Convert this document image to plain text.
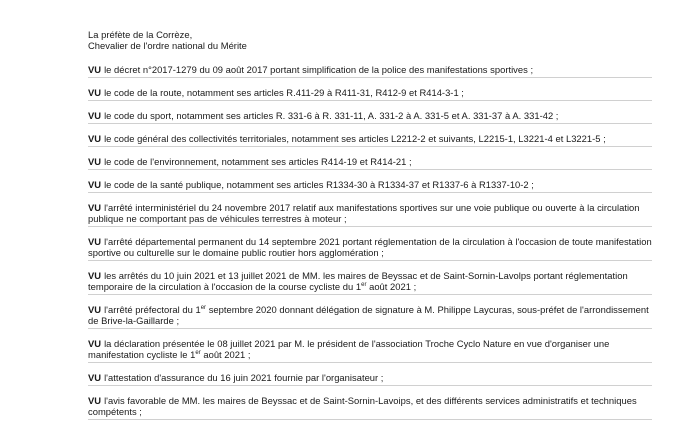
La préfète de la Corrèze,
Chevalier de l'ordre national du Mérite
VU le décret n°2017-1279 du 09 août 2017 portant simplification de la police des manifestations sportives ;
VU le code de la route, notamment ses articles R.411-29 à R411-31, R412-9 et R414-3-1 ;
VU le code du sport, notamment ses articles R. 331-6 à R. 331-11, A. 331-2 à A. 331-5 et A. 331-37 à A. 331-42 ;
VU le code général des collectivités territoriales, notamment ses articles L2212-2 et suivants, L2215-1, L3221-4 et L3221-5 ;
VU le code de l'environnement, notamment ses articles R414-19 et R414-21 ;
VU le code de la santé publique, notamment ses articles R1334-30 à R1334-37 et R1337-6 à R1337-10-2 ;
VU l'arrêté interministériel du 24 novembre 2017 relatif aux manifestations sportives sur une voie publique ou ouverte à la circulation publique ne comportant pas de véhicules terrestres à moteur ;
VU l'arrêté départemental permanent du 14 septembre 2021 portant réglementation de la circulation à l'occasion de toute manifestation sportive ou culturelle sur le domaine public routier hors agglomération ;
VU les arrêtés du 10 juin 2021 et 13 juillet 2021 de MM. les maires de Beyssac et de Saint-Sornin-Lavolps portant réglementation temporaire de la circulation à l'occasion de la course cycliste du 1er août 2021 ;
VU l'arrêté préfectoral du 1er septembre 2020 donnant délégation de signature à M. Philippe Laycuras, sous-préfet de l'arrondissement de Brive-la-Gaillarde ;
VU la déclaration présentée le 08 juillet 2021 par M. le président de l'association Troche Cyclo Nature en vue d'organiser une manifestation cycliste le 1er août 2021 ;
VU l'attestation d'assurance du 16 juin 2021 fournie par l'organisateur ;
VU l'avis favorable de MM. les maires de Beyssac et de Saint-Sornin-Lavoips, et des différents services administratifs et techniques compétents ;
